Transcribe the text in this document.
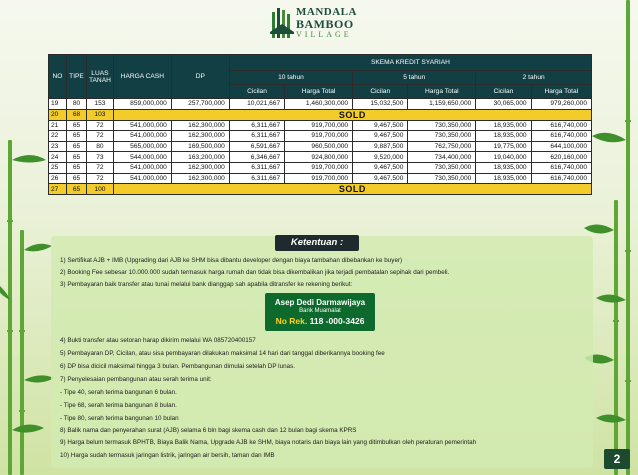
MANDALA
BAMBOO
VILLAGE
NO	TIPE	LUAS TANAH	HARGA CASH	DP	SKEMA KREDIT SYARIAH					
					10 tahun		5 tahun		2 tahun	
					Cicilan	Harga Total	Cicilan	Harga Total	Cicilan	Harga Total
19	80	153	859,000,000	257,700,000	10,021,667	1,460,300,000	15,032,500	1,159,650,000	30,065,000	979,260,000
20	68	103	SOLD							
21	65	72	541,000,000	162,300,000	6,311,667	919,700,000	9,467,500	730,350,000	18,935,000	616,740,000
22	65	72	541,000,000	162,300,000	6,311,667	919,700,000	9,467,500	730,350,000	18,935,000	616,740,000
23	65	80	565,000,000	169,500,000	6,591,667	960,500,000	9,887,500	762,750,000	19,775,000	644,100,000
24	65	73	544,000,000	163,200,000	6,346,667	924,800,000	9,520,000	734,400,000	19,040,000	620,160,000
25	65	72	541,000,000	162,300,000	6,311,667	919,700,000	9,467,500	730,350,000	18,935,000	616,740,000
26	65	72	541,000,000	162,300,000	6,311,667	919,700,000	9,467,500	730,350,000	18,935,000	616,740,000
27	65	100	SOLD							
Ketentuan :
1) Sertifikat AJB + IMB (Upgrading dari AJB ke SHM bisa dibantu developer dengan biaya tambahan dibebankan ke buyer)
2) Booking Fee sebesar 10.000.000 sudah termasuk harga rumah dan tidak bisa dikembalikan jika terjadi pembatalan sepihak dari pembeli.
3) Pembayaran baik transfer atau tunai melalui bank dianggap sah apabila ditransfer ke rekening berikut:
Asep Dedi Darmawijaya
Bank Muamalat
No Rek. 118 -000-3426
4) Bukti transfer atau setoran harap dikirim melalui WA 085720400157
5) Pembayaran DP, Cicilan, atau sisa pembayaran dilakukan maksimal 14 hari dari tanggal diberikannya booking fee
6) DP bisa dicicil maksimal hingga 3 bulan. Pembangunan dimulai setelah DP lunas.
7) Penyelesaian pembangunan atau serah terima unit:
- Tipe 40, serah terima bangunan 6 bulan.
- Tipe 68, serah terima bangunan 8 bulan.
- Tipe 80, serah terima bangunan 10 bulan
8) Balik nama dan penyerahan surat (AJB) selama 6 bln bagi skema cash dan 12 bulan bagi skema KPRS
9) Harga belum termasuk BPHTB, Biaya Balik Nama, Upgrade AJB ke SHM, biaya notaris dan biaya lain yang ditimbulkan oleh peraturan pemerintah
10) Harga sudah termasuk jaringan listrik, jaringan air bersih, taman dan IMB	2
